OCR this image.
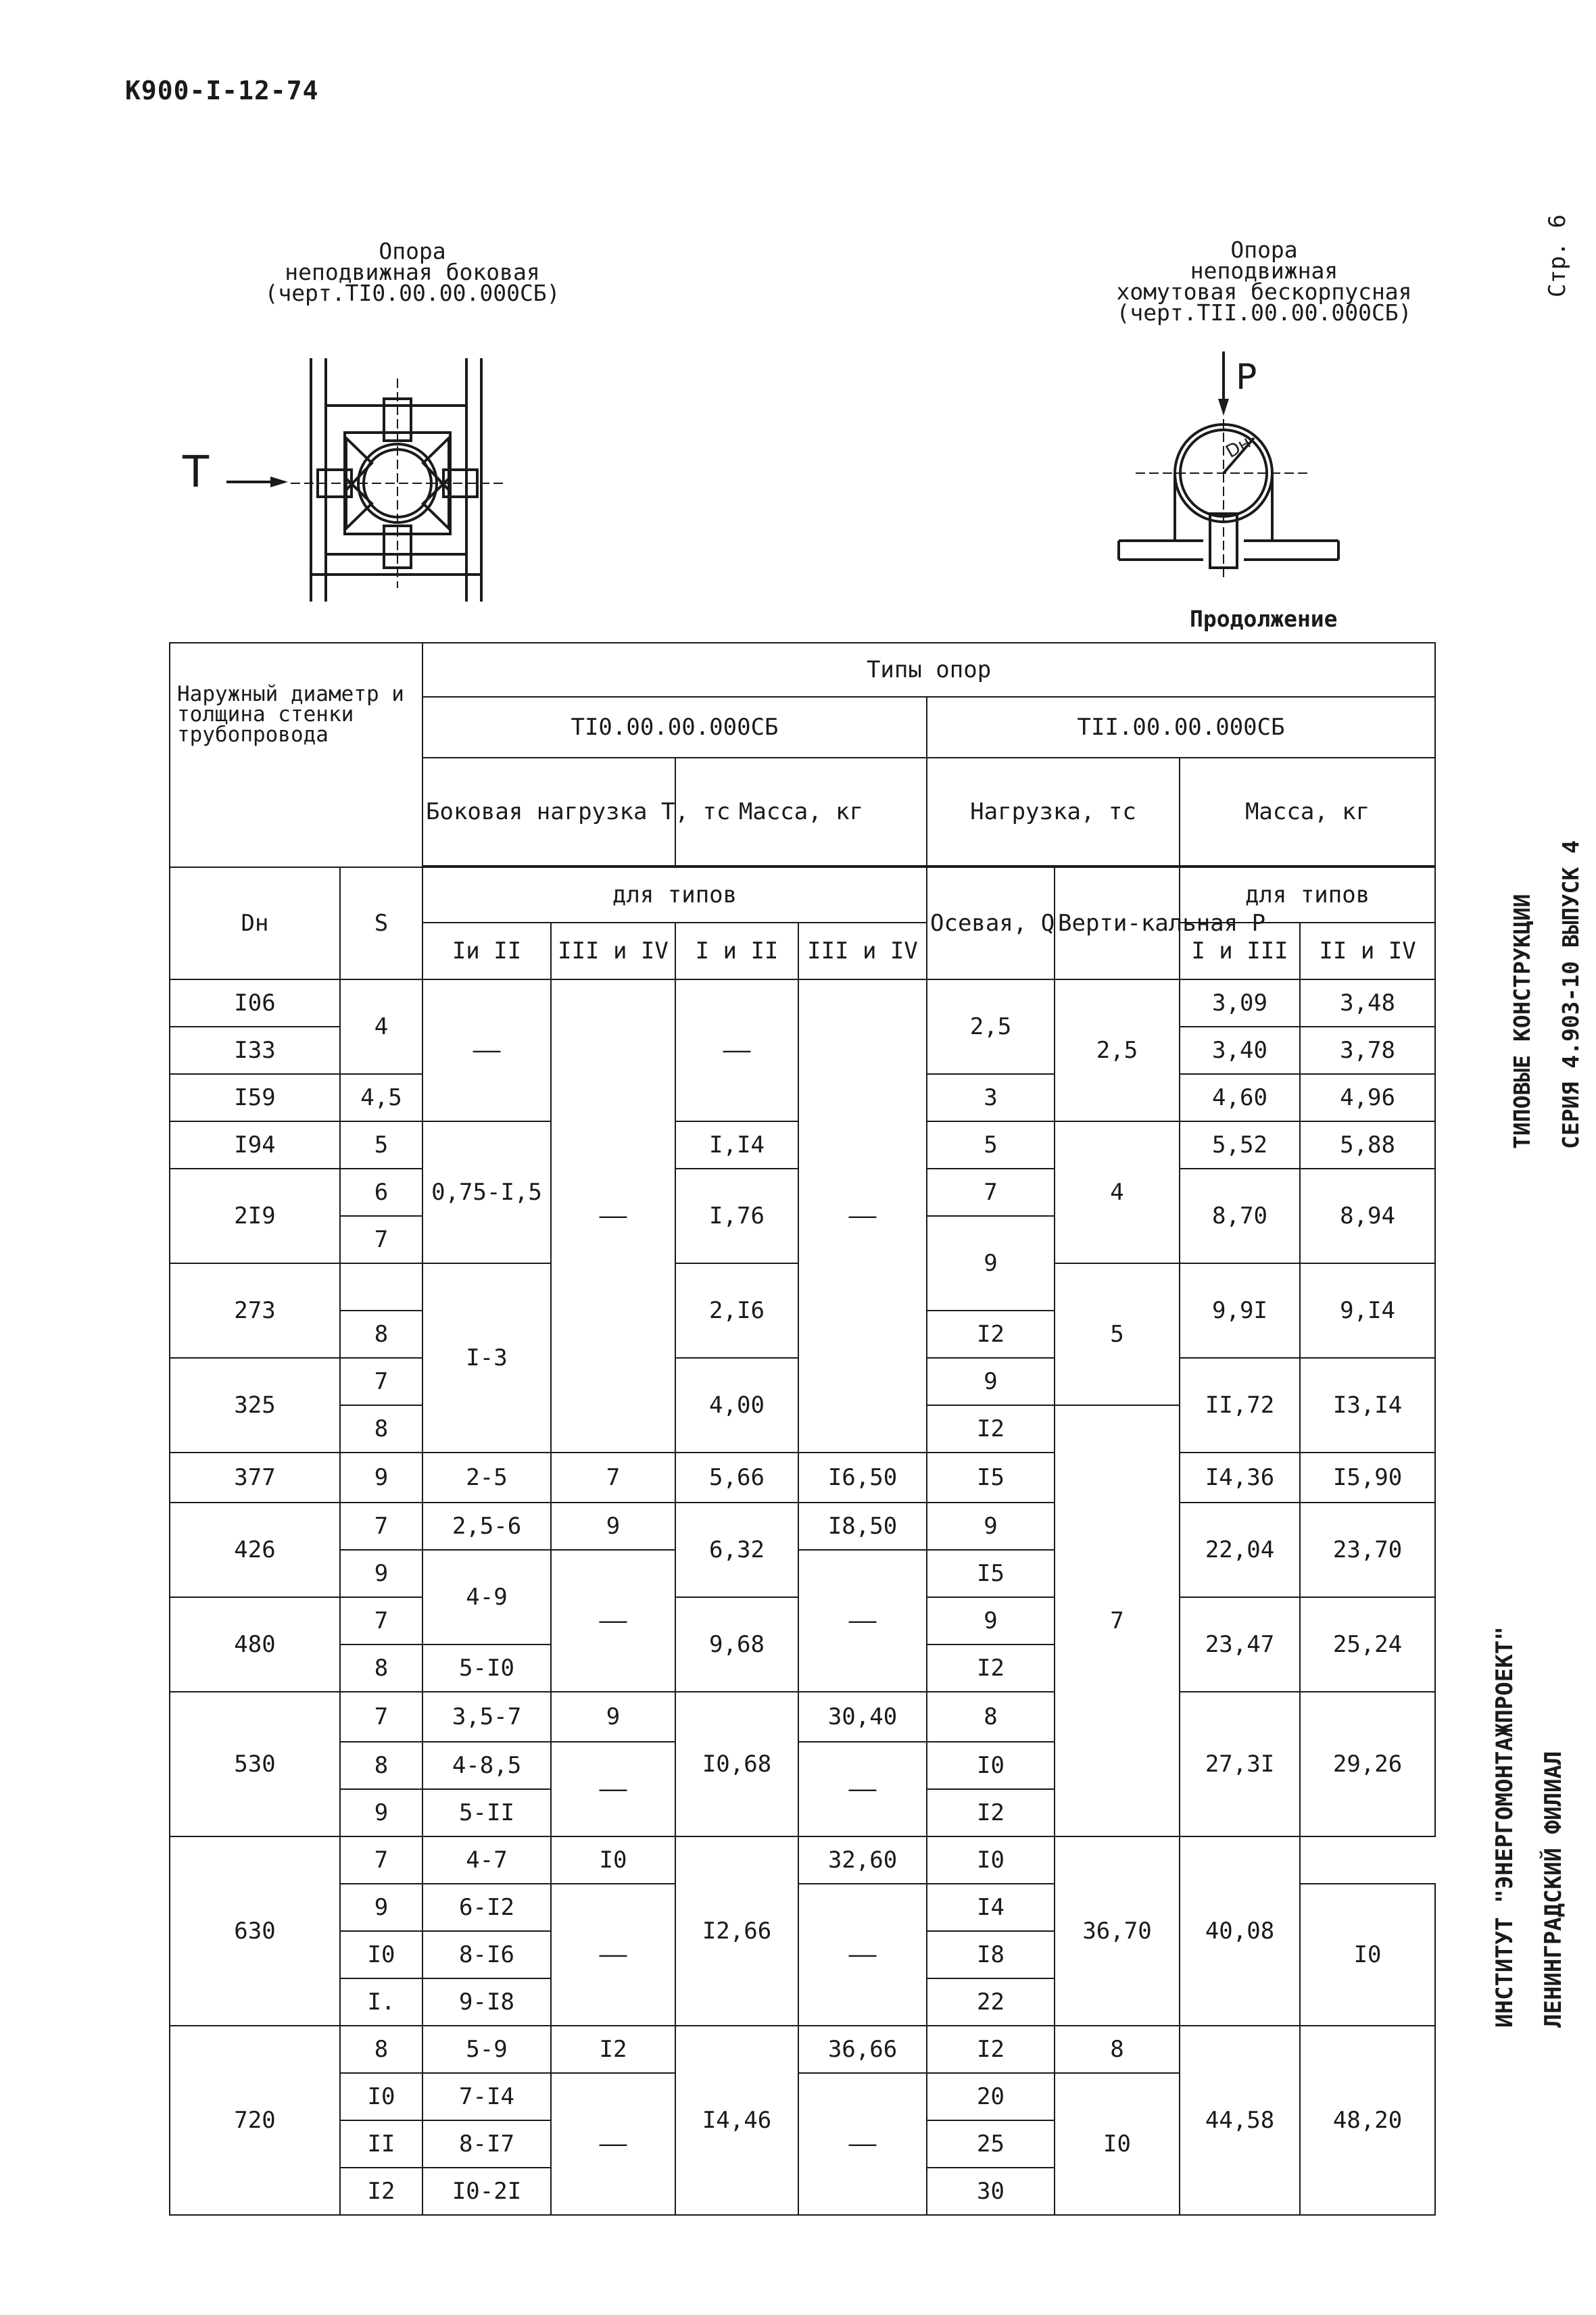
К900-I-12-74
Стр. 6
Опора
неподвижная боковая
(черт.ТI0.00.00.000СБ)
Опора
неподвижная
хомутовая бескорпусная
(черт.ТII.00.00.000СБ)
Продолжение
ТИПОВЫЕ КОНСТРУКЦИИ	СЕРИЯ 4.903-10 ВЫПУСК 4
ИНСТИТУТ "ЭНЕРГОМОНТАЖПРОЕКТ" ЛЕНИНГРАДСКИЙ ФИЛИАЛ
T
P
Dн
Наружный диаметр и толщина стенки трубопровода		Типы опор							
		ТI0.00.00.000СБ				ТII.00.00.000СБ			
		Боковая нагрузка T, тс		Масса, кг		Нагрузка, тс		Масса, кг	

Dн	S	для типов				Осевая, Q	Верти-кальная P	для типов	
		Iи II	III и IV	I и II	III и IV			I и III	II и IV
I06	4	——	——	——	——	2,5	2,5	3,09	3,48
I33								3,40	3,78
I59	4,5					3		4,60	4,96
I94	5	0,75-I,5		I,I4		5	4	5,52	5,88
2I9	6			I,76		7		8,70	8,94
	7					9			
273		I-3		2,I6			5	9,9I	9,I4
	8					I2			
325	7			4,00		9		II,72	I3,I4
	8					I2	7		
377	9	2-5	7	5,66	I6,50	I5		I4,36	I5,90
426	7	2,5-6	9	6,32	I8,50	9		22,04	23,70
	9	4-9	——		——	I5			
480	7			9,68		9		23,47	25,24
	8	5-I0				I2			
530	7	3,5-7	9	I0,68	30,40	8		27,3I	29,26
	8	4-8,5	——		——	I0			
	9	5-II				I2			
630	7	4-7	I0	I2,66	32,60	I0	36,70	40,08	
	9	6-I2	——		——	I4			I0
	I0	8-I6				I8			
	I.	9-I8				22			
720	8	5-9	I2	I4,46	36,66	I2	8	44,58	48,20
	I0	7-I4	——		——	20	I0		
	II	8-I7				25			
	I2	I0-2I				30			
